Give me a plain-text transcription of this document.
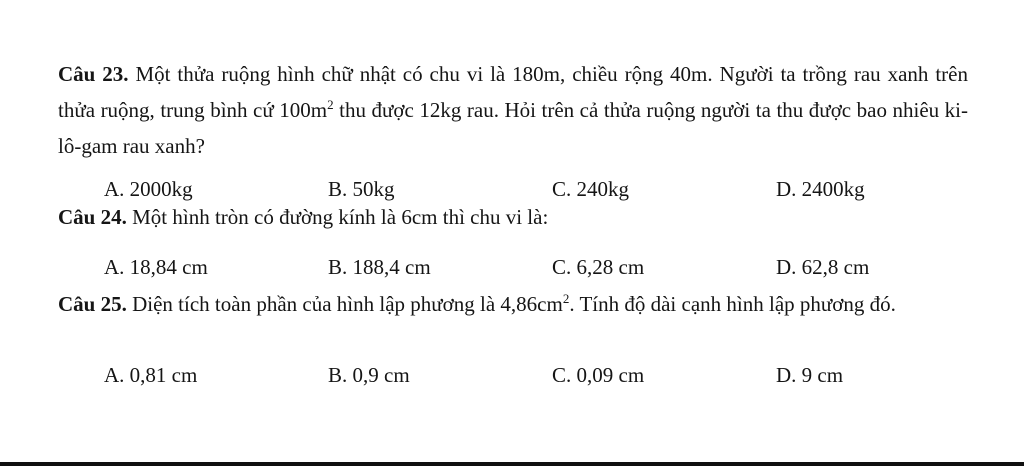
Câu 23. Một thửa ruộng hình chữ nhật có chu vi là 180m, chiều rộng 40m. Người ta trồng rau xanh trên thửa ruộng, trung bình cứ $100m^2$ thu được 12kg rau. Hỏi trên cả thửa ruộng người ta thu được bao nhiêu ki-lô-gam rau xanh?
A. 2000kg	B. 50kg	C. 240kg	D. 2400kg
Câu 24. Một hình tròn có đường kính là 6cm thì chu vi là:
A. 18,84 cm	B. 188,4 cm	C. 6,28 cm	D. 62,8 cm
Câu 25. Diện tích toàn phần của hình lập phương là $4,86cm^2$. Tính độ dài cạnh hình lập phương đó.
A. 0,81 cm	B. 0,9 cm	C. 0,09 cm	D. 9 cm
